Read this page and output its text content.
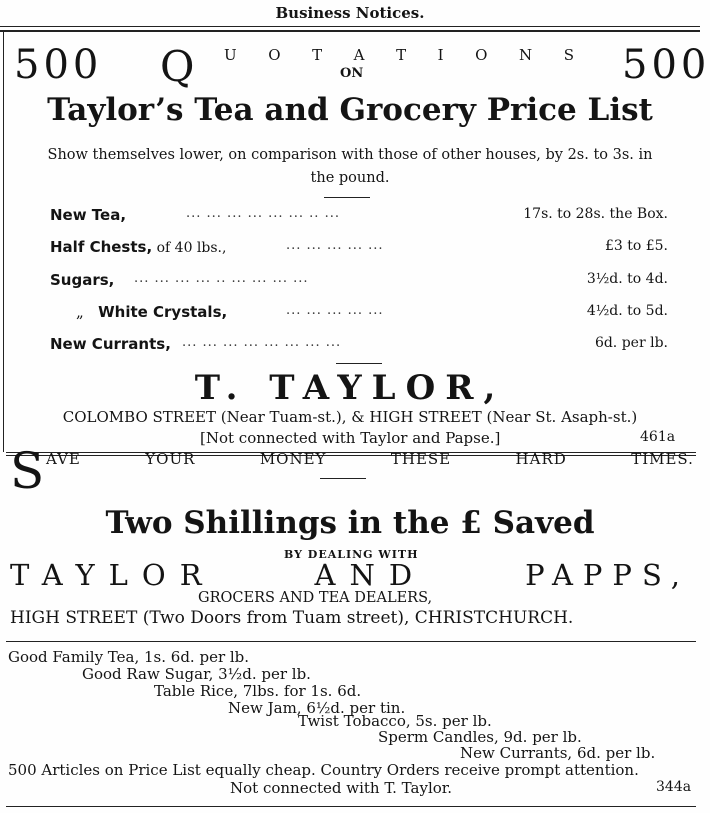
Business Notices.
500 Q U O T A T I O N S
ON	500
Taylor’s Tea and Grocery Price List
Show themselves lower, on comparison with those of other houses, by 2s. to 3s. in
the pound.
New Tea,	... ... ... ... ... ... .. ...	17s. to 28s. the Box.
Half Chests, of 40 lbs.,	... ... ... ... ...	£3 to £5.
Sugars, ... ... ... ... .. ... ... ... ...	3½d. to 4d.
„ White Crystals,	... ... ... ... ...	4½d. to 5d.
New Currants, ... ... ... ... ... ... ... ...	6d. per lb.
T. TAYLOR,
COLOMBO STREET (Near Tuam-st.), & HIGH STREET (Near St. Asaph-st.)
[Not connected with Taylor and Papse.]	461a
S AVE	YOUR	MONEY	THESE	HARD	TIMES.
Two Shillings in the £ Saved
BY DEALING WITH
TAYLOR	AND	PAPPS,
GROCERS AND TEA DEALERS,
HIGH STREET (Two Doors from Tuam street), CHRISTCHURCH.
Good Family Tea, 1s. 6d. per lb.
Good Raw Sugar, 3½d. per lb.
Table Rice, 7lbs. for 1s. 6d.
New Jam, 6½d. per tin.
Twist Tobacco, 5s. per lb.
Sperm Candles, 9d. per lb.
New Currants, 6d. per lb.
500 Articles on Price List equally cheap. Country Orders receive prompt attention.
Not connected with T. Taylor.	344a
